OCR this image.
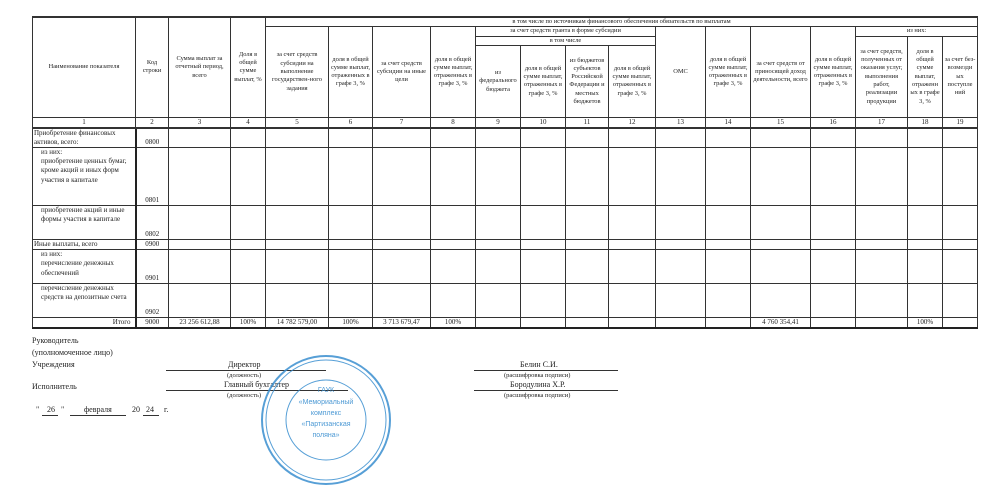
Наименование показателя	Код строки	Сумма выплат за отчетный период, всего	Доля в общей сумме выплат, %	в том числе по источникам финансового обеспечения обязательств по выплатам														
				за счет средств субсидии на выполнение государствен-ного задания	доля в общей сумме выплат, отраженных в графе 3, %	за счет средств субсидии на иные цели	доля в общей сумме выплат, отраженных в графе 3, %	за счет средств гранта в форме субсидии				ОМС	доля в общей сумме выплат, отраженных в графе 3, %	за счет средств от приносящей доход деятельности, всего	доля в общей сумме выплат, отраженных в графе 3, %	из них:		
								в том числе								за счет средств, полученных от оказания услуг, выполнения работ, реализации продукции	доля в общей сумме выплат, отраженн ых в графе 3, %	за счет без-возмезди ых поступле ний
								из федерального бюджета	доля в общей сумме выплат, отраженных в графе 3, %	из бюджетов субъектов Российской Федерации и местных бюджетов	доля в общей сумме выплат, отраженных в графе 3, %							
1	2	3	4	5	6	7	8	9	10	11	12	13	14	15	16	17	18	19
Приобретение финансовых активов, всего:	0800																	
из них:
приобретение ценных бумаг, кроме акций и иных форм участия в капитале	0801																	
приобретение акций и иные формы участия в капитале	0802																	
Иные выплаты, всего	0900																	
из них:
перечисление денежных обеспечений	0901																	
перечисление денежных средств на депозитные счета	0902																	
Итого	9000	23 256 612,88	100%	14 782 579,00	100%	3 713 679,47	100%							4 760 354,41			100%	
Руководитель
(уполномоченное лицо)
Учреждения	Директор
(должность)
Исполнитель	Главный бухгалтер
(должность)
Белин С.И.
(расшифровка подписи)
Бородулина Х.Р.
(расшифровка подписи)
" 26 " февраля	20 24 г.
ГАУК
«Мемориальный
комплекс
«Партизанская
поляна»
